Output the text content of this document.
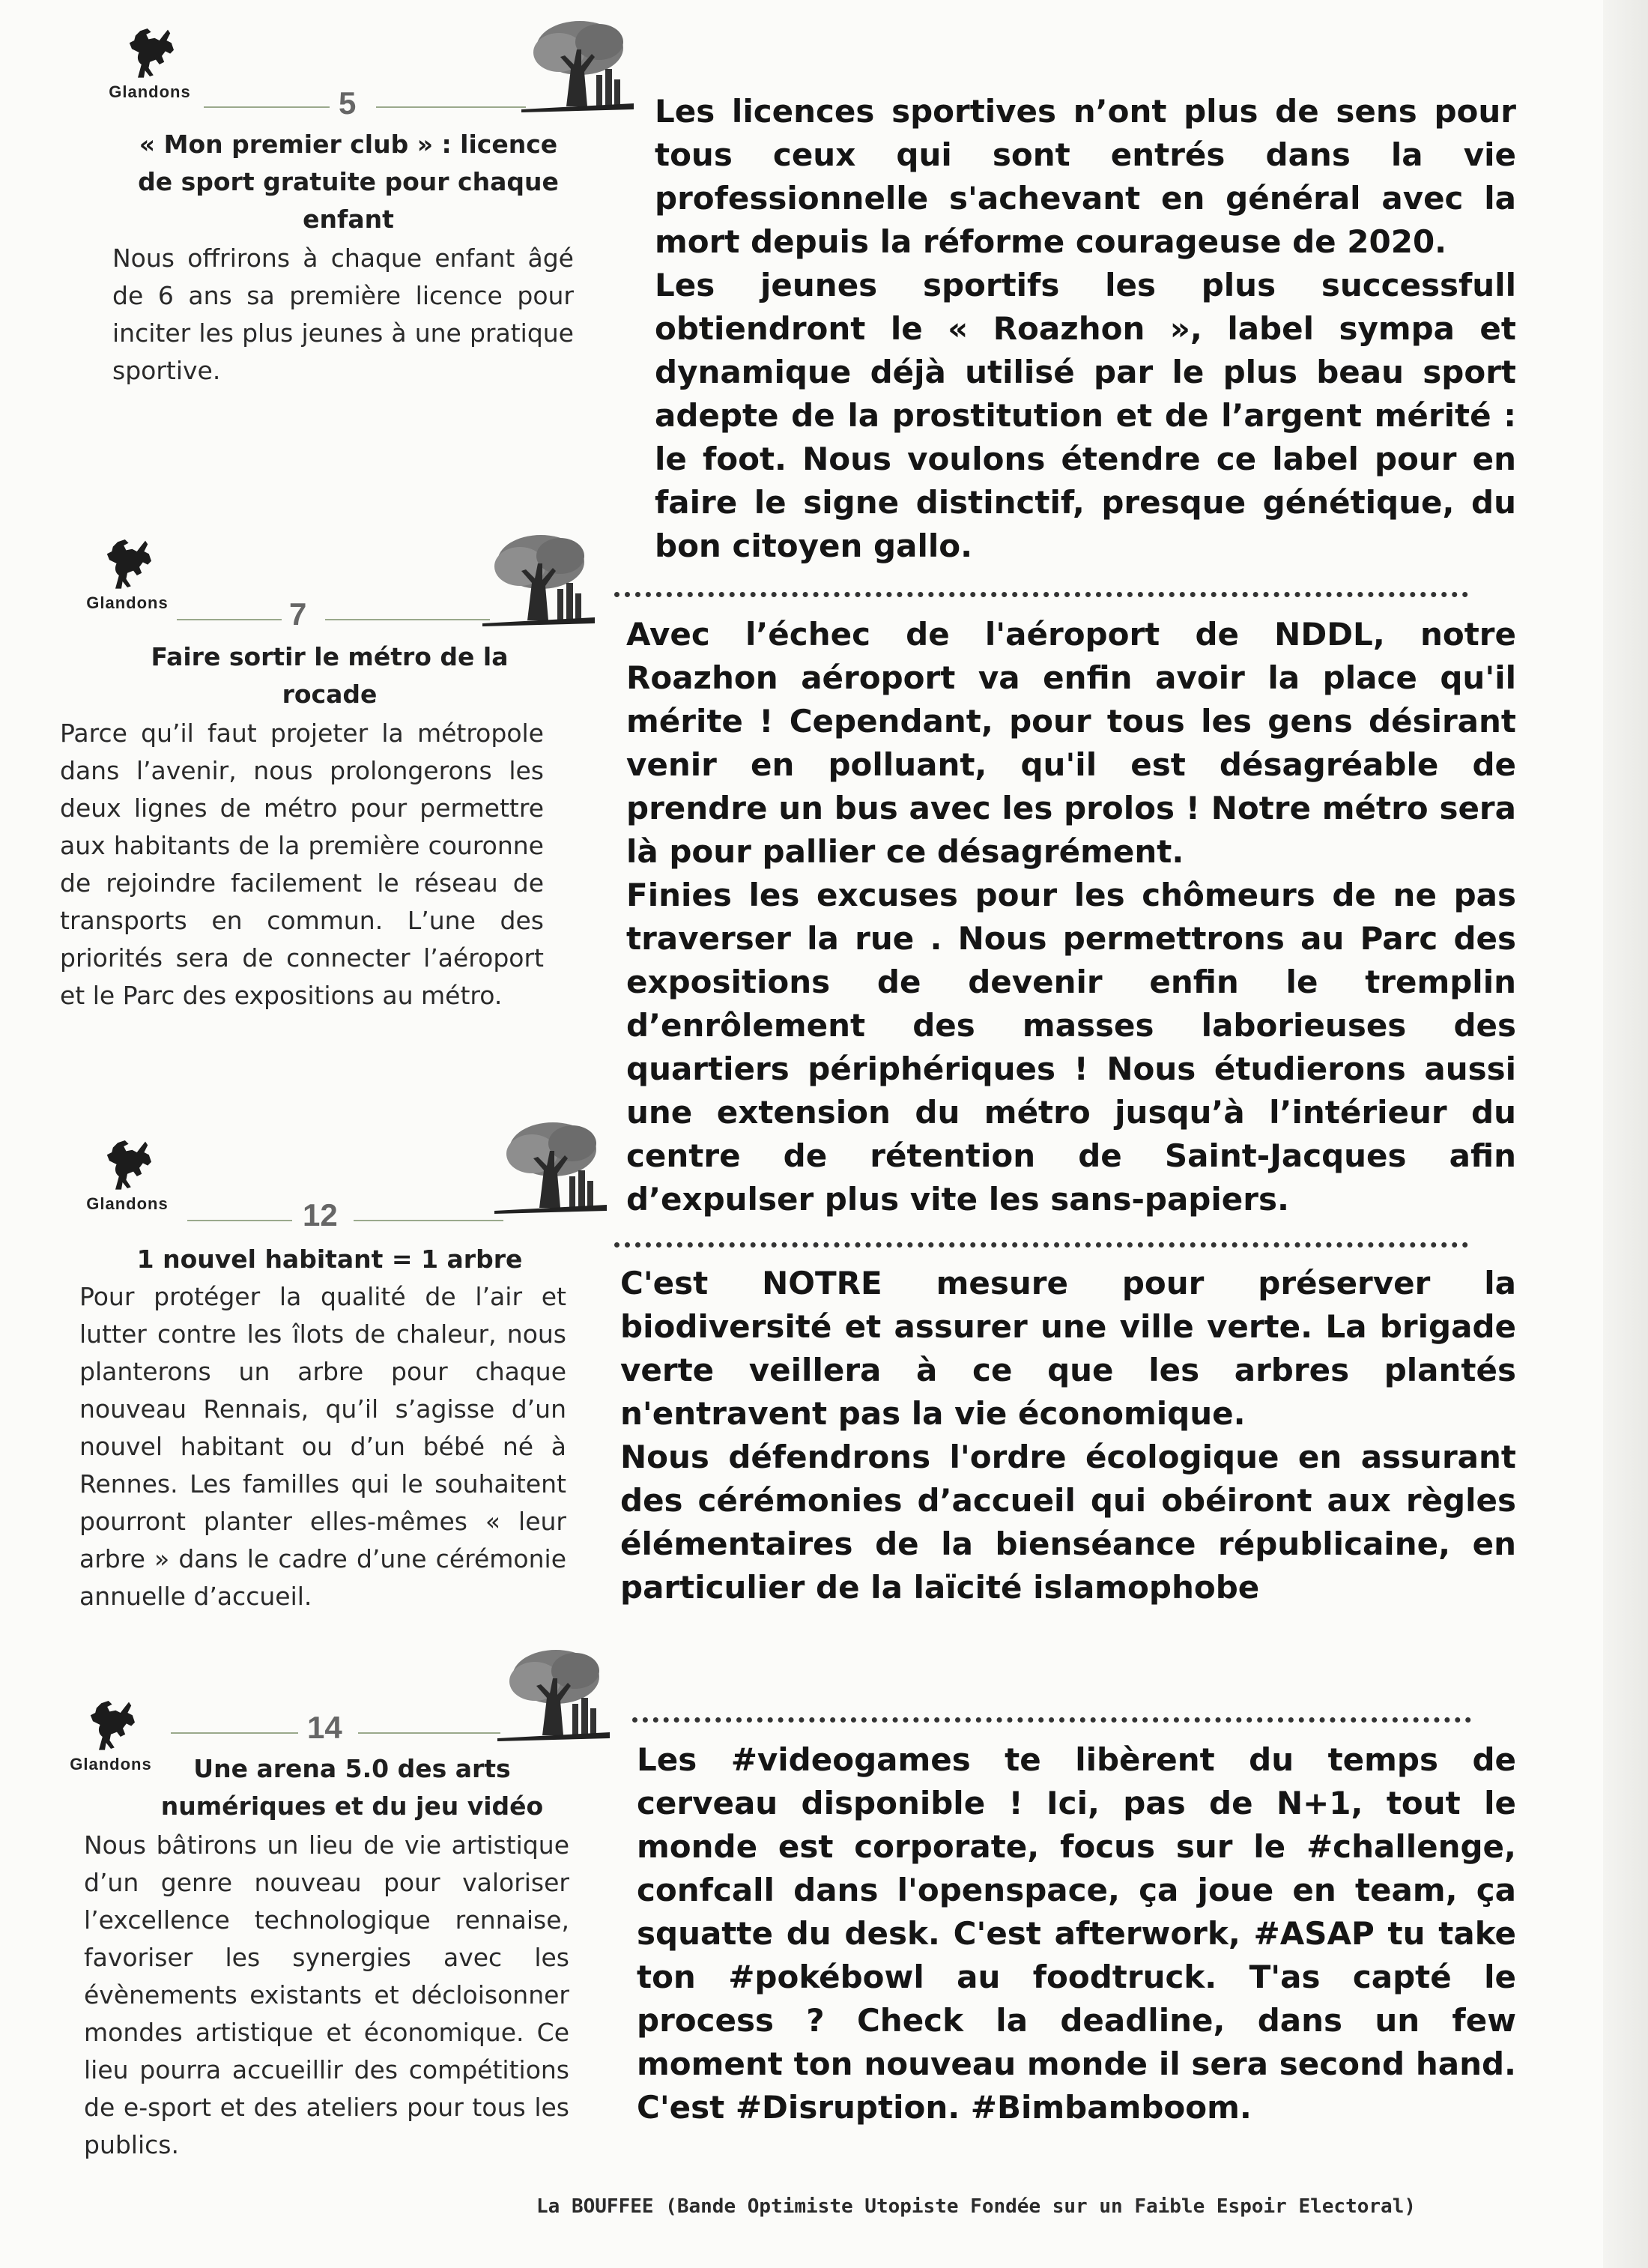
Glandons	5
« Mon premier club » : licence de sport gratuite pour chaque enfant
Nous offrirons à chaque enfant âgé de 6 ans sa première licence pour inciter les plus jeunes à une pratique sportive.

Les licences sportives n’ont plus de sens pour tous ceux qui sont entrés dans la vie professionnelle s'achevant en général avec la mort depuis la réforme courageuse de 2020.

Les jeunes sportifs les plus successfull obtiendront le « Roazhon », label sympa et dynamique déjà utilisé par le plus beau sport adepte de la prostitution et de l’argent mérité : le foot. Nous voulons étendre ce label pour en faire le signe distinctif, presque génétique, du bon citoyen gallo.

Glandons	7
Faire sortir le métro de la rocade
Parce qu’il faut projeter la métropole dans l’avenir, nous prolongerons les deux lignes de métro pour permettre aux habitants de la première couronne de rejoindre facilement le réseau de transports en commun. L’une des priorités sera de connecter l’aéroport et le Parc des expositions au métro.

Avec l’échec de l'aéroport de NDDL, notre Roazhon aéroport va enfin avoir la place qu'il mérite ! Cependant, pour tous les gens désirant venir en polluant, qu'il est désagréable de prendre un bus avec les prolos ! Notre métro sera là pour pallier ce désagrément.

Finies les excuses pour les chômeurs de ne pas traverser la rue . Nous permettrons au Parc des expositions de devenir enfin le tremplin d’enrôlement des masses laborieuses des quartiers périphériques ! Nous étudierons aussi une extension du métro jusqu’à l’intérieur du centre de rétention de Saint-Jacques afin d’expulser plus vite les sans-papiers.

Glandons	12
1 nouvel habitant = 1 arbre
Pour protéger la qualité de l’air et lutter contre les îlots de chaleur, nous planterons un arbre pour chaque nouveau Rennais, qu’il s’agisse d’un nouvel habitant ou d’un bébé né à Rennes. Les familles qui le souhaitent pourront planter elles-mêmes « leur arbre » dans le cadre d’une cérémonie annuelle d’accueil.

C'est NOTRE mesure pour préserver la biodiversité et assurer une ville verte. La brigade verte veillera à ce que les arbres plantés n'entravent pas la vie économique.

Nous défendrons l'ordre écologique en assurant des cérémonies d’accueil qui obéiront aux règles élémentaires de la bienséance républicaine, en particulier de la laïcité islamophobe

Glandons
14
Une arena 5.0 des arts numériques et du jeu vidéo
Nous bâtirons un lieu de vie artistique d’un genre nouveau pour valoriser l’excellence technologique rennaise, favoriser les synergies avec les évènements existants et décloisonner mondes artistique et économique. Ce lieu pourra accueillir des compétitions de e-sport et des ateliers pour tous les publics.

Les #videogames te libèrent du temps de cerveau disponible ! Ici, pas de N+1, tout le monde est corporate, focus sur le #challenge, confcall dans l'openspace, ça joue en team, ça squatte du desk. C'est afterwork, #ASAP tu take ton #pokébowl au foodtruck. T'as capté le process ? Check la deadline, dans un few moment ton nouveau monde il sera second hand. C'est #Disruption. #Bimbamboom.

La BOUFFEE (Bande Optimiste Utopiste Fondée sur un Faible Espoir Electoral)
